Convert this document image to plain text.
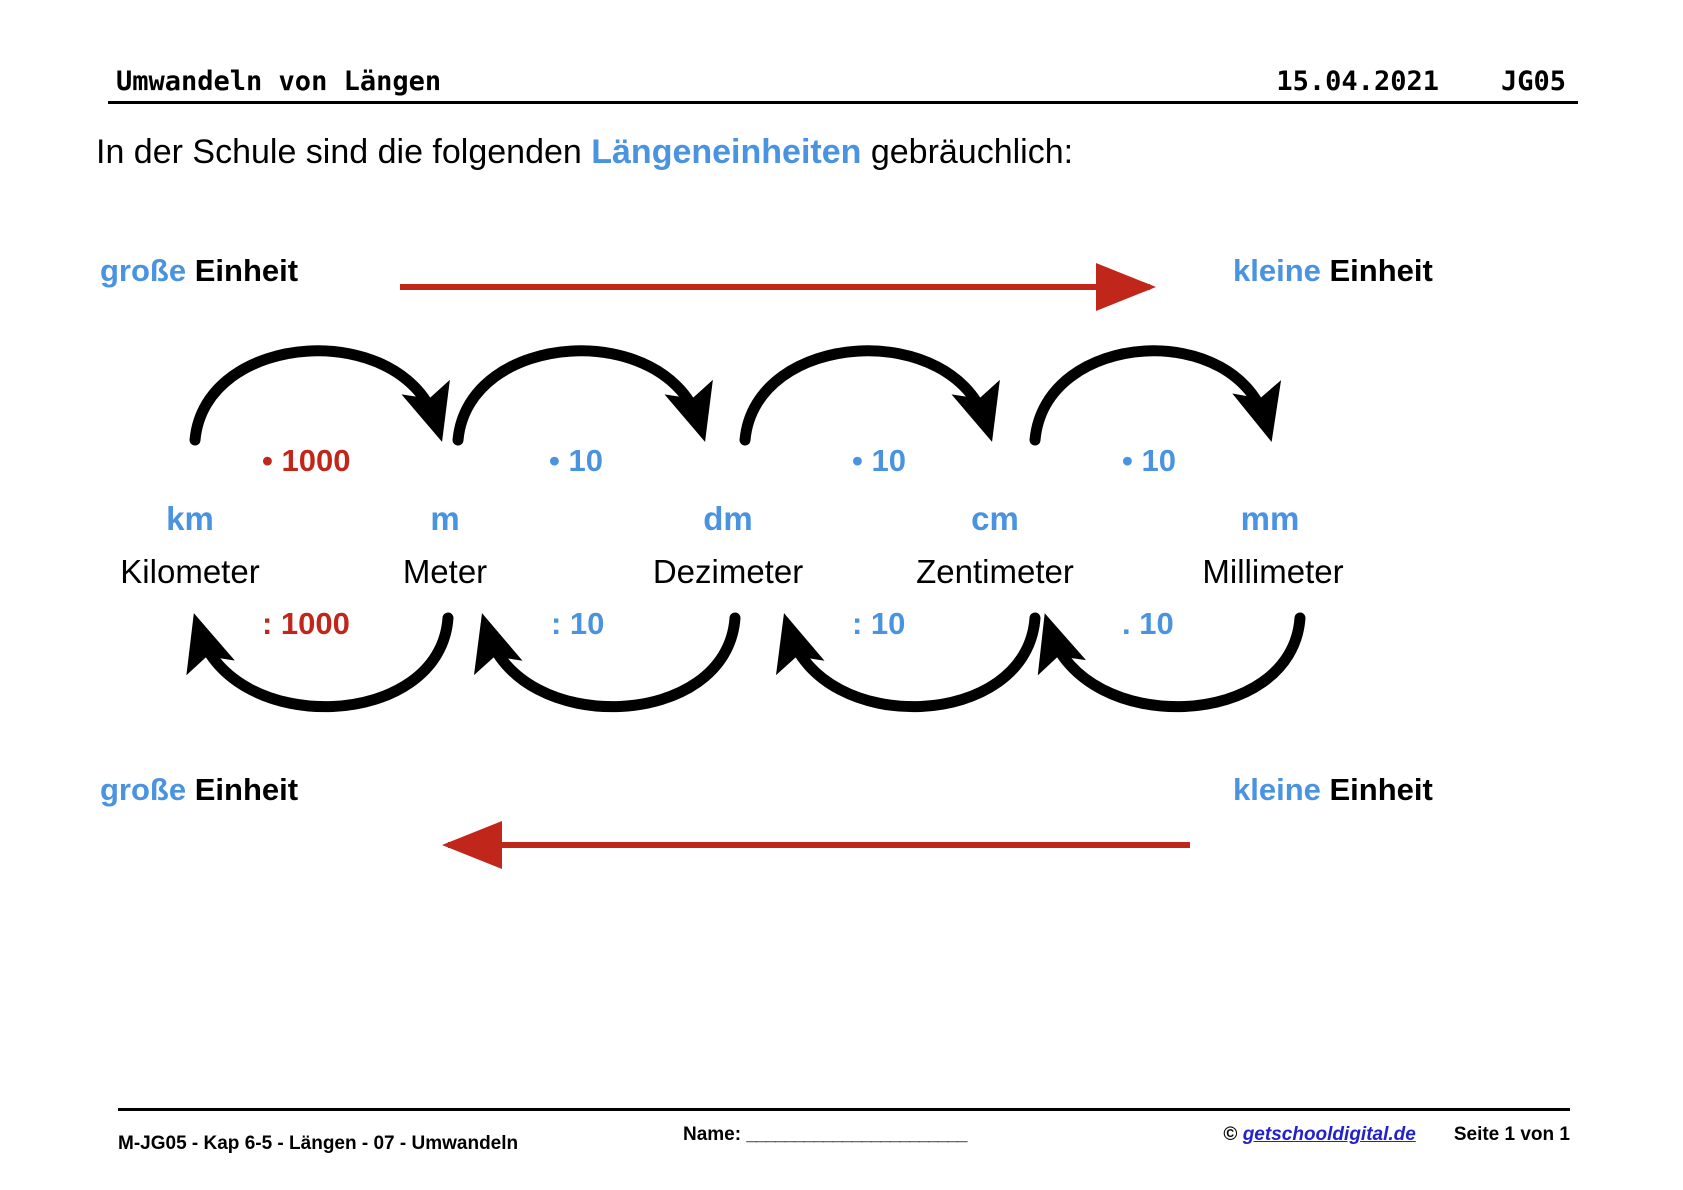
Umwandeln von Längen	15.04.2021 JG05
In der Schule sind die folgenden Längeneinheiten gebräuchlich:
große Einheit	kleine Einheit
große Einheit	kleine Einheit
• 1000	• 10	• 10	• 10
km	m	dm	cm	mm
Kilometer	Meter	Dezimeter	Zentimeter	Millimeter
: 1000	: 10	: 10	. 10
M-JG05 - Kap 6-5 - Längen - 07 - Umwandeln	Name: _______________________	© getschooldigital.de Seite 1 von 1
